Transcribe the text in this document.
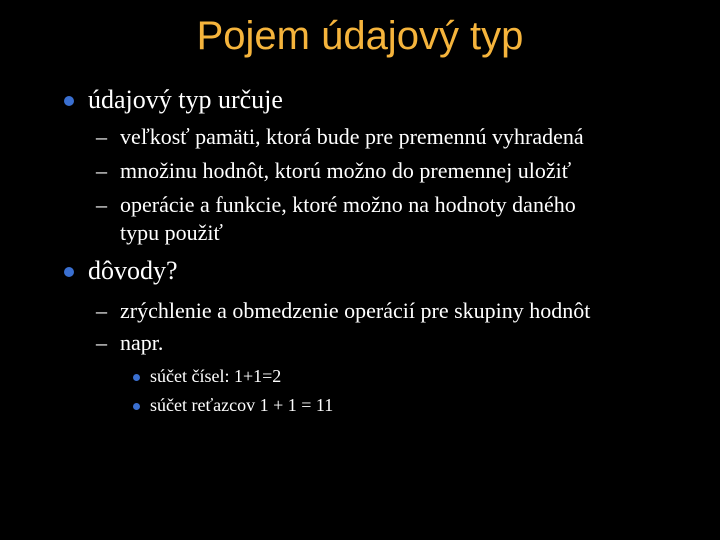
Pojem údajový typ
údajový typ určuje
– veľkosť pamäti, ktorá bude pre premennú vyhradená
– množinu hodnôt, ktorú možno do premennej uložiť
– operácie a funkcie, ktoré možno na hodnoty daného
typu použiť
dôvody?
– zrýchlenie a obmedzenie operácií pre skupiny hodnôt
– napr.
súčet čísel: 1+1=2
súčet reťazcov 1 + 1 = 11
